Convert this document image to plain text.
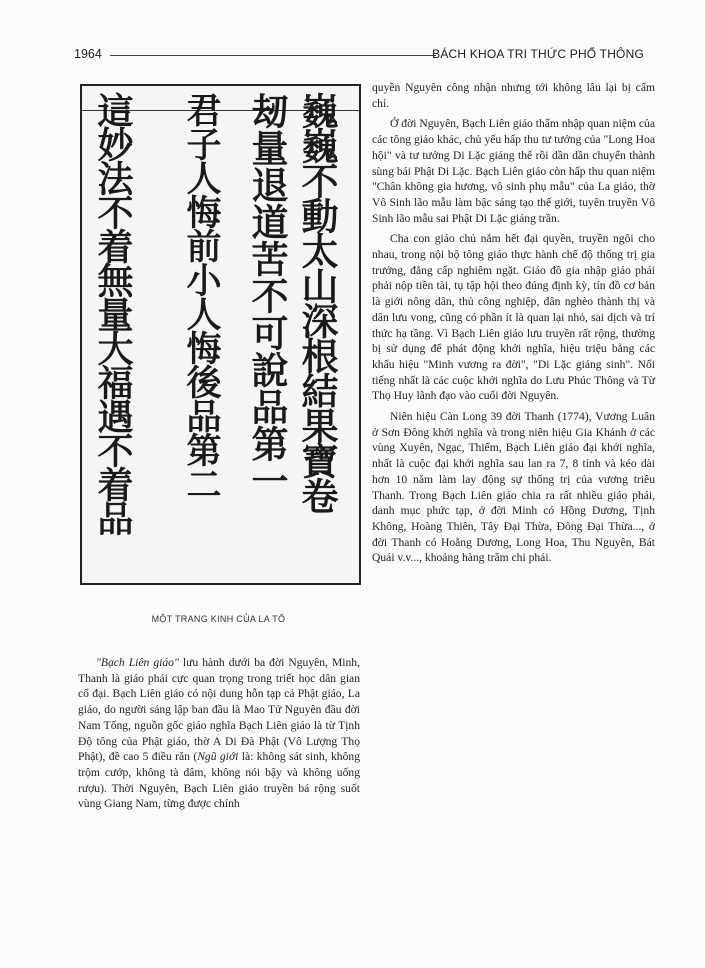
1964	BÁCH KHOA TRI THỨC PHỔ THÔNG
巍巍不動太山深根結果寶卷
刼量退道苦不可說品第一
君子人悔前小人悔後品第二
這妙法不着無量大福遇不着品
MỘT TRANG KINH CỦA LA TỔ

"Bạch Liên giáo" lưu hành dưới ba đời Nguyên, Minh, Thanh là giáo phái cực quan trọng trong triết học dân gian cổ đại. Bạch Liên giáo có nội dung hỗn tạp cả Phật giáo, La giáo, do người sáng lập ban đầu là Mao Tử Nguyên đầu đời Nam Tống, nguồn gốc giáo nghĩa Bạch Liên giáo là từ Tịnh Độ tông của Phật giáo, thờ A Di Đà Phật (Vô Lượng Thọ Phật), đề cao 5 điều răn (Ngũ giới là: không sát sinh, không trộm cướp, không tà dâm, không nói bậy và không uống rượu). Thời Nguyên, Bạch Liên giáo truyền bá rộng suốt vùng Giang Nam, từng được chính

quyền Nguyên công nhận nhưng tới không lâu lại bị cấm chỉ.

Ở đời Nguyên, Bạch Liên giáo thẩm nhập quan niệm của các tông giáo khác, chủ yếu hấp thu tư tưởng của "Long Hoa hội" và tư tưởng Di Lặc giáng thế rồi dần dần chuyển thành sùng bái Phật Di Lặc. Bạch Liên giáo còn hấp thu quan niệm "Chân không gia hương, vô sinh phụ mẫu" của La giáo, thờ Vô Sinh lão mẫu làm bậc sáng tạo thế giới, tuyên truyền Vô Sinh lão mẫu sai Phật Di Lặc giáng trần.

Cha con giáo chủ nắm hết đại quyền, truyền ngôi cho nhau, trong nội bộ tông giáo thực hành chế độ thống trị gia trưởng, đẳng cấp nghiêm ngặt. Giáo đồ gia nhập giáo phái phải nộp tiền tài, tụ tập hội theo đúng định kỳ, tín đồ cơ bản là giới nông dân, thủ công nghiệp, dân nghèo thành thị và dân lưu vong, cũng có phần ít là quan lại nhỏ, sai dịch và trí thức hạ tầng. Vì Bạch Liên giáo lưu truyền rất rộng, thường bị sử dụng để phát động khởi nghĩa, hiệu triệu bằng các khẩu hiệu "Minh vương ra đời", "Di Lặc giáng sinh". Nổi tiếng nhất là các cuộc khởi nghĩa do Lưu Phúc Thông và Từ Thọ Huy lãnh đạo vào cuối đời Nguyên.

Niên hiệu Càn Long 39 đời Thanh (1774), Vương Luân ở Sơn Đông khởi nghĩa và trong niên hiệu Gia Khánh ở các vùng Xuyên, Ngạc, Thiểm, Bạch Liên giáo đại khởi nghĩa, nhất là cuộc đại khởi nghĩa sau lan ra 7, 8 tỉnh và kéo dài hơn 10 năm làm lay động sự thống trị của vương triều Thanh. Trong Bạch Liên giáo chia ra rất nhiều giáo phái, danh mục phức tạp, ở đời Minh có Hồng Dương, Tịnh Không, Hoàng Thiên, Tây Đại Thừa, Đông Đại Thừa..., ở đời Thanh có Hoằng Dương, Long Hoa, Thu Nguyên, Bát Quái v.v..., khoảng hàng trăm chi phái.
